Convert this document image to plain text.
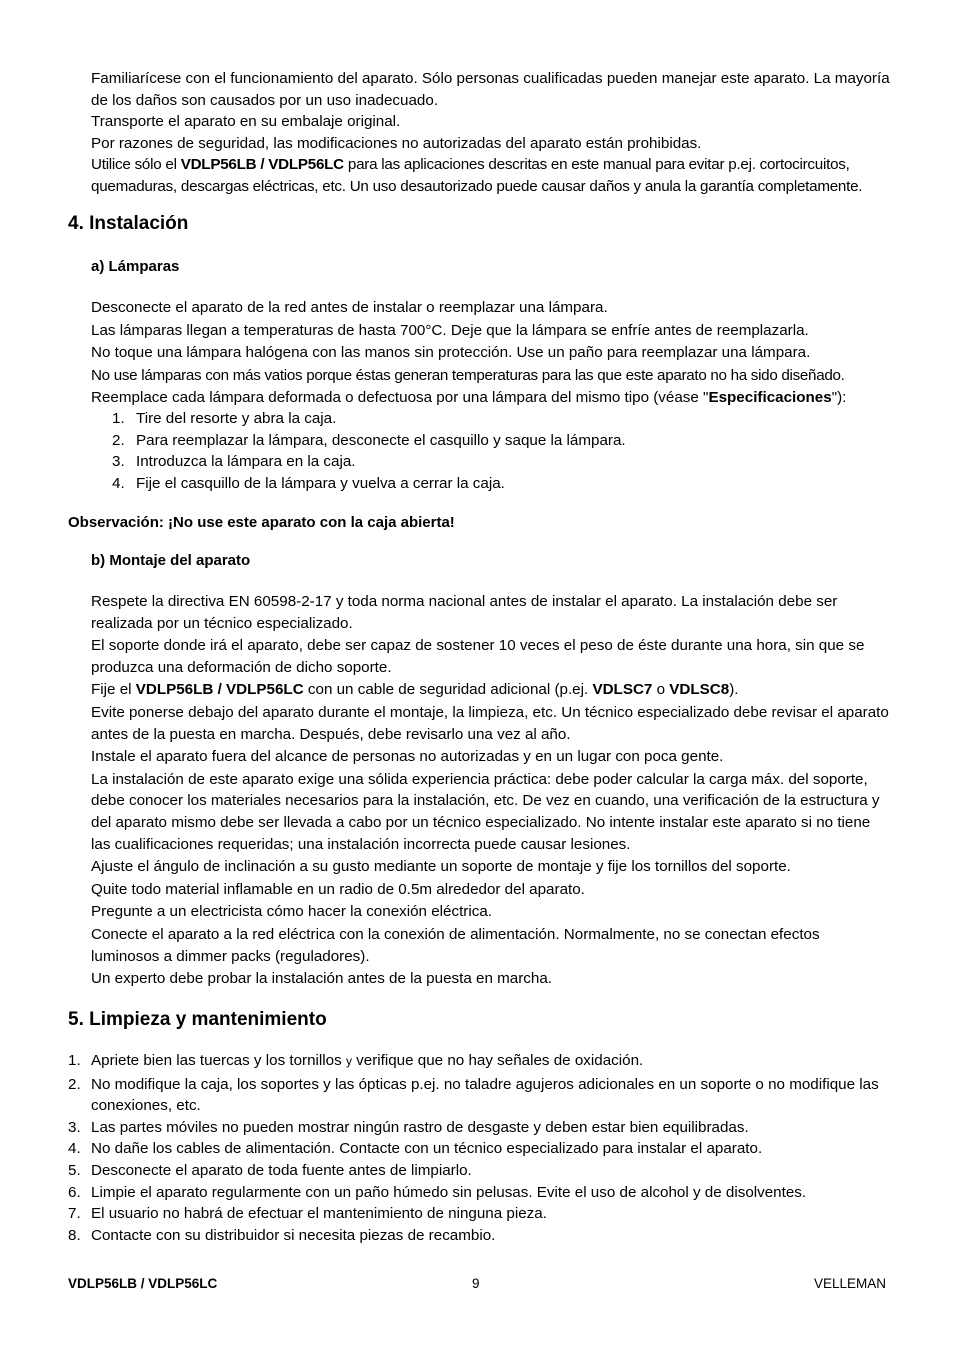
Familiarícese con el funcionamiento del aparato. Sólo personas cualificadas pueden manejar este aparato. La mayoría de los daños son causados por un uso inadecuado.

Transporte el aparato en su embalaje original.

Por razones de seguridad, las modificaciones no autorizadas del aparato están prohibidas.

Utilice sólo el VDLP56LB / VDLP56LC para las aplicaciones descritas en este manual para evitar p.ej. cortocircuitos, quemaduras, descargas eléctricas, etc. Un uso desautorizado puede causar daños y anula la garantía completamente.

4. Instalación
a) Lámparas

Desconecte el aparato de la red antes de instalar o reemplazar una lámpara.

Las lámparas llegan a temperaturas de hasta 700°C. Deje que la lámpara se enfríe antes de reemplazarla.

No toque una lámpara halógena con las manos sin protección. Use un paño para reemplazar una lámpara.

No use lámparas con más vatios porque éstas generan temperaturas para las que este aparato no ha sido diseñado.

Reemplace cada lámpara deformada o defectuosa por una lámpara del mismo tipo (véase "Especificaciones"):

1. Tire del resorte y abra la caja.
2. Para reemplazar la lámpara, desconecte el casquillo y saque la lámpara.
3. Introduzca la lámpara en la caja.
4. Fije el casquillo de la lámpara y vuelva a cerrar la caja.
Observación: ¡No use este aparato con la caja abierta!
b) Montaje del aparato

Respete la directiva EN 60598-2-17 y toda norma nacional antes de instalar el aparato. La instalación debe ser realizada por un técnico especializado.

El soporte donde irá el aparato, debe ser capaz de sostener 10 veces el peso de éste durante una hora, sin que se produzca una deformación de dicho soporte.

Fije el VDLP56LB / VDLP56LC con un cable de seguridad adicional (p.ej. VDLSC7 o VDLSC8).

Evite ponerse debajo del aparato durante el montaje, la limpieza, etc. Un técnico especializado debe revisar el aparato antes de la puesta en marcha. Después, debe revisarlo una vez al año.

Instale el aparato fuera del alcance de personas no autorizadas y en un lugar con poca gente.

La instalación de este aparato exige una sólida experiencia práctica: debe poder calcular la carga máx. del soporte, debe conocer los materiales necesarios para la instalación, etc. De vez en cuando, una verificación de la estructura y del aparato mismo debe ser llevada a cabo por un técnico especializado. No intente instalar este aparato si no tiene las cualificaciones requeridas; una instalación incorrecta puede causar lesiones.

Ajuste el ángulo de inclinación a su gusto mediante un soporte de montaje y fije los tornillos del soporte.

Quite todo material inflamable en un radio de 0.5m alrededor del aparato.

Pregunte a un electricista cómo hacer la conexión eléctrica.

Conecte el aparato a la red eléctrica con la conexión de alimentación. Normalmente, no se conectan efectos luminosos a dimmer packs (reguladores).

Un experto debe probar la instalación antes de la puesta en marcha.

5. Limpieza y mantenimiento
1. Apriete bien las tuercas y los tornillos y verifique que no hay señales de oxidación.
2. No modifique la caja, los soportes y las ópticas p.ej. no taladre agujeros adicionales en un soporte o no modifique las conexiones, etc.
3. Las partes móviles no pueden mostrar ningún rastro de desgaste y deben estar bien equilibradas.
4. No dañe los cables de alimentación. Contacte con un técnico especializado para instalar el aparato.
5. Desconecte el aparato de toda fuente antes de limpiarlo.
6. Limpie el aparato regularmente con un paño húmedo sin pelusas. Evite el uso de alcohol y de disolventes.
7. El usuario no habrá de efectuar el mantenimiento de ninguna pieza.
8. Contacte con su distribuidor si necesita piezas de recambio.
VDLP56LB / VDLP56LC	9	VELLEMAN
